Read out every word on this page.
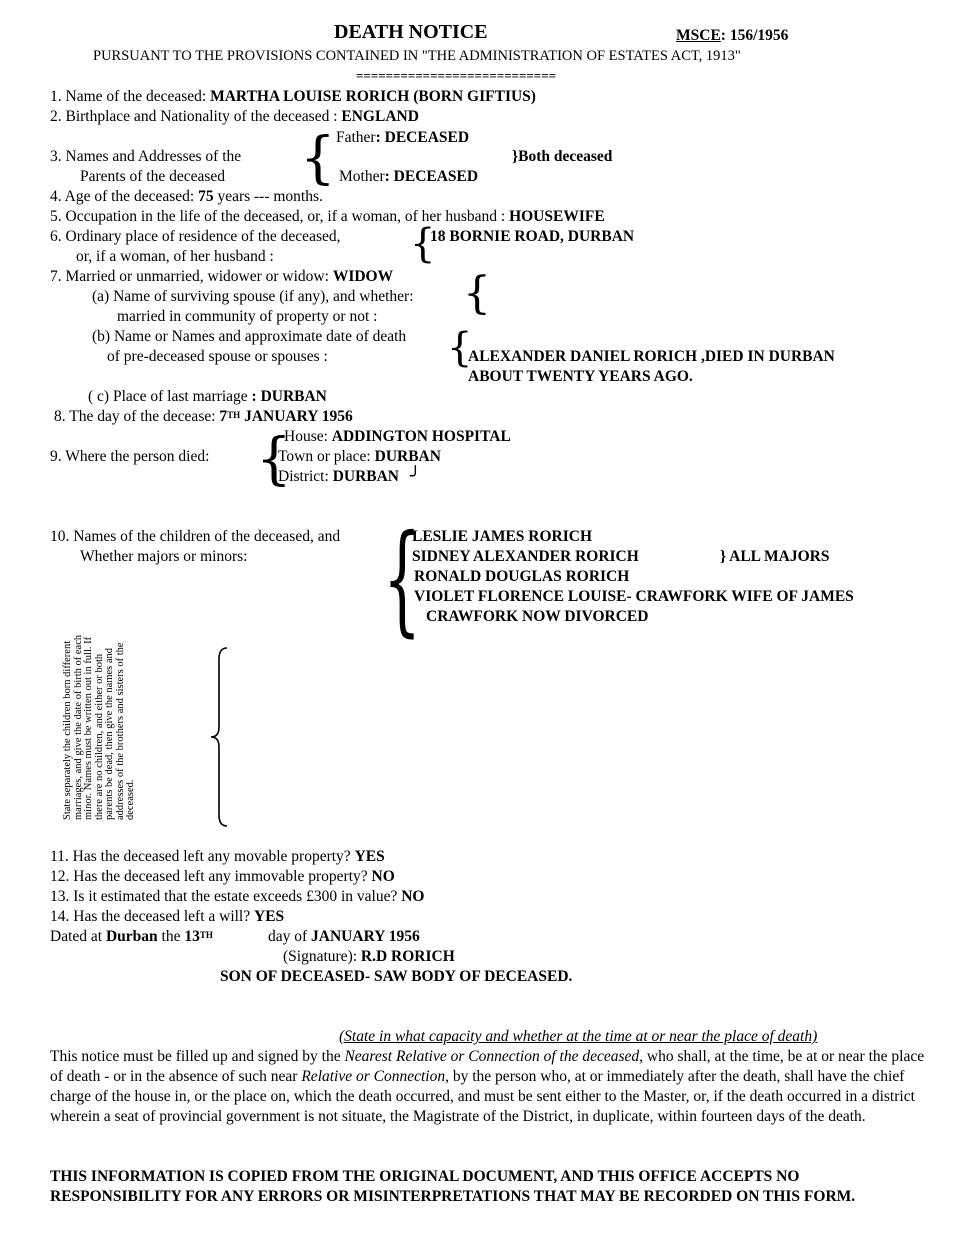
DEATH NOTICE	MSCE: 156/1956
PURSUANT TO THE PROVISIONS CONTAINED IN "THE ADMINISTRATION OF ESTATES ACT, 1913"
===========================
1. Name of the deceased: MARTHA LOUISE RORICH (BORN GIFTIUS)
2. Birthplace and Nationality of the deceased : ENGLAND
3. Names and Addresses of the
Parents of the deceased { Father: DECEASED
Mother: DECEASED
}Both deceased
4. Age of the deceased: 75 years --- months.
5. Occupation in the life of the deceased, or, if a woman, of her husband : HOUSEWIFE
6. Ordinary place of residence of the deceased,
or, if a woman, of her husband :	{
18 BORNIE ROAD, DURBAN
7. Married or unmarried, widower or widow: WIDOW {
(a) Name of surviving spouse (if any), and whether:
married in community of property or not :
(b) Name or Names and approximate date of death
of pre-deceased spouse or spouses :	{
ALEXANDER DANIEL RORICH ,DIED IN DURBAN
ABOUT TWENTY YEARS AGO.
( c) Place of last marriage : DURBAN
8. The day of the decease: 7TH JANUARY 1956
9. Where the person died: {
House: ADDINGTON HOSPITAL
Town or place: DURBAN
District: DURBAN ╯
10. Names of the children of the deceased, and
Whether majors or minors: {
LESLIE JAMES RORICH
SIDNEY ALEXANDER RORICH
RONALD DOUGLAS RORICH
VIOLET FLORENCE LOUISE- CRAWFORK WIFE OF JAMES
CRAWFORK NOW DIVORCED
} ALL MAJORS
State separately the children born different marriages, and give the date of birth of each minor. Names must be written out in full. If there are no children, and either or both parents be dead, then give the names and addresses of the brothers and sisters of the deceased.
11. Has the deceased left any movable property? YES
12. Has the deceased left any immovable property? NO
13. Is it estimated that the estate exceeds £300 in value? NO
14. Has the deceased left a will? YES
Dated at Durban the 13TH	day of JANUARY 1956
(Signature): R.D RORICH
SON OF DECEASED- SAW BODY OF DECEASED.
(State in what capacity and whether at the time at or near the place of death)
This notice must be filled up and signed by the Nearest Relative or Connection of the deceased, who shall, at the time, be at or near the place of death - or in the absence of such near Relative or Connection, by the person who, at or immediately after the death, shall have the chief charge of the house in, or the place on, which the death occurred, and must be sent either to the Master, or, if the death occurred in a district wherein a seat of provincial government is not situate, the Magistrate of the District, in duplicate, within fourteen days of the death.
THIS INFORMATION IS COPIED FROM THE ORIGINAL DOCUMENT, AND THIS OFFICE ACCEPTS NO RESPONSIBILITY FOR ANY ERRORS OR MISINTERPRETATIONS THAT MAY BE RECORDED ON THIS FORM.
